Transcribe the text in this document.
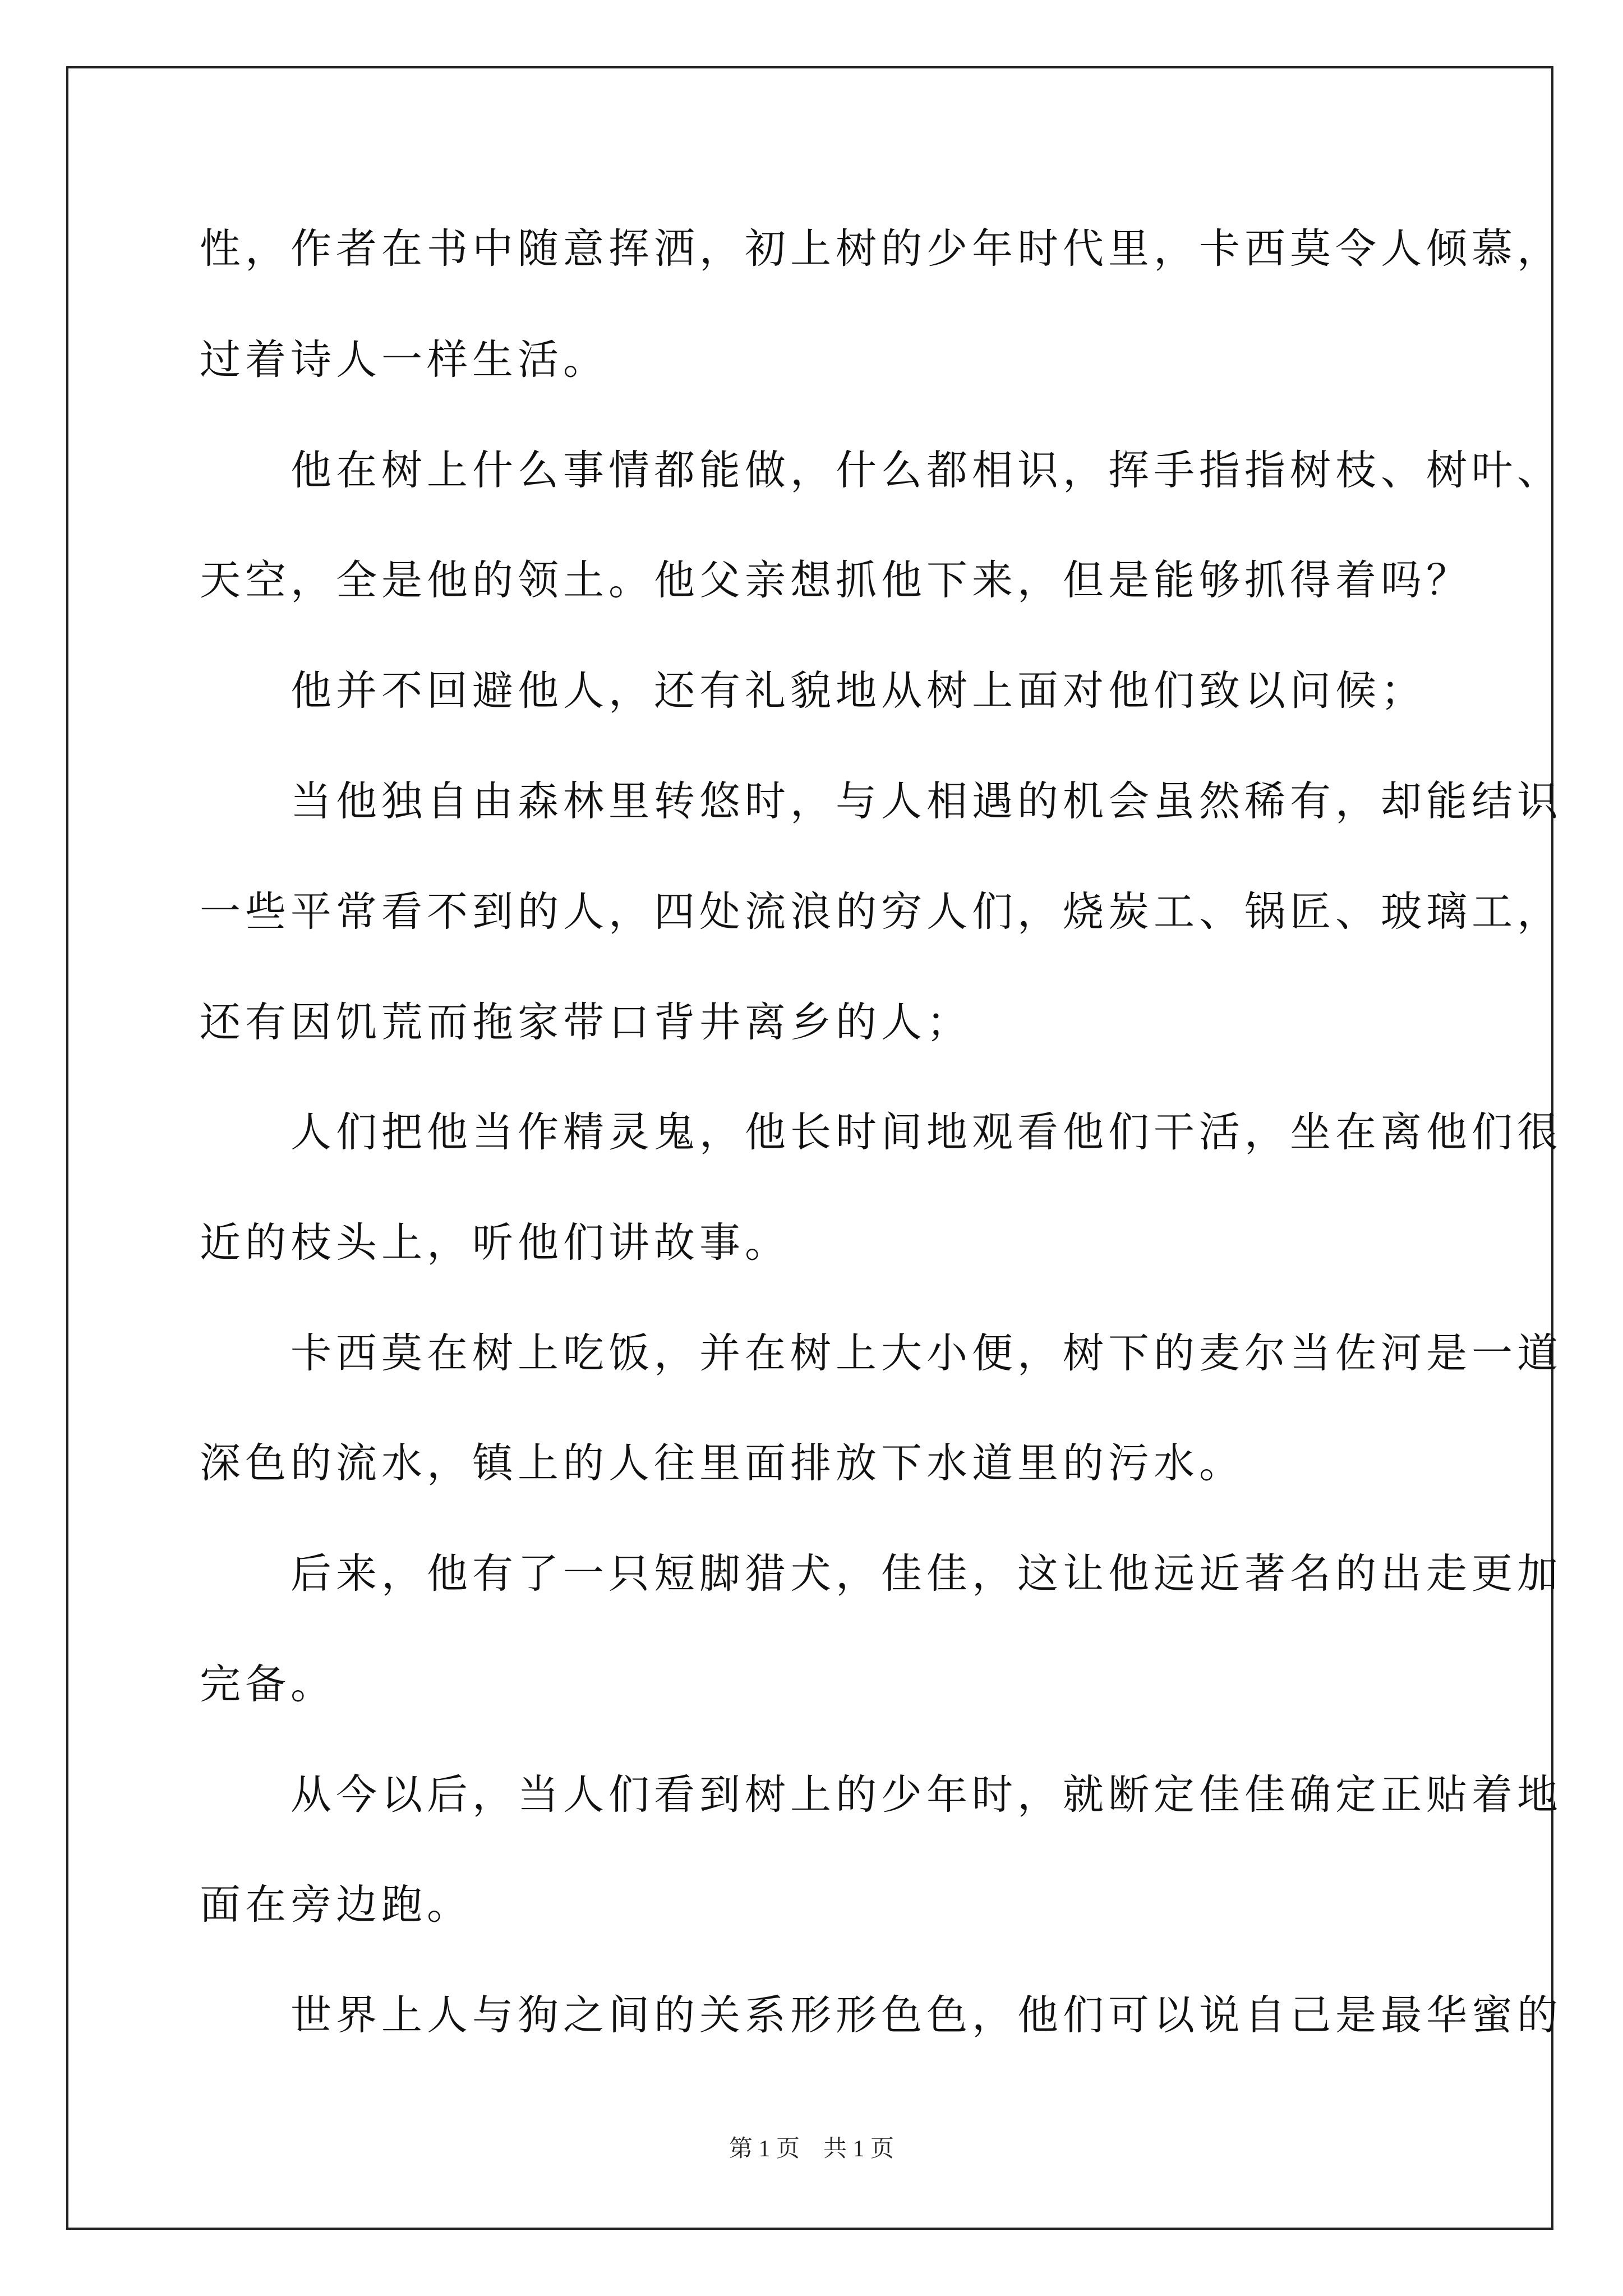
性，作者在书中随意挥洒，初上树的少年时代里，卡西莫令人倾慕，
过着诗人一样生活。
　　他在树上什么事情都能做，什么都相识，挥手指指树枝、树叶、
天空，全是他的领土。他父亲想抓他下来，但是能够抓得着吗？
　　他并不回避他人，还有礼貌地从树上面对他们致以问候；
　　当他独自由森林里转悠时，与人相遇的机会虽然稀有，却能结识
一些平常看不到的人，四处流浪的穷人们，烧炭工、锅匠、玻璃工，
还有因饥荒而拖家带口背井离乡的人；
　　人们把他当作精灵鬼，他长时间地观看他们干活，坐在离他们很
近的枝头上，听他们讲故事。
　　卡西莫在树上吃饭，并在树上大小便，树下的麦尔当佐河是一道
深色的流水，镇上的人往里面排放下水道里的污水。
　　后来，他有了一只短脚猎犬，佳佳，这让他远近著名的出走更加
完备。
　　从今以后，当人们看到树上的少年时，就断定佳佳确定正贴着地
面在旁边跑。
　　世界上人与狗之间的关系形形色色，他们可以说自己是最华蜜的
第 1 页　共 1 页
